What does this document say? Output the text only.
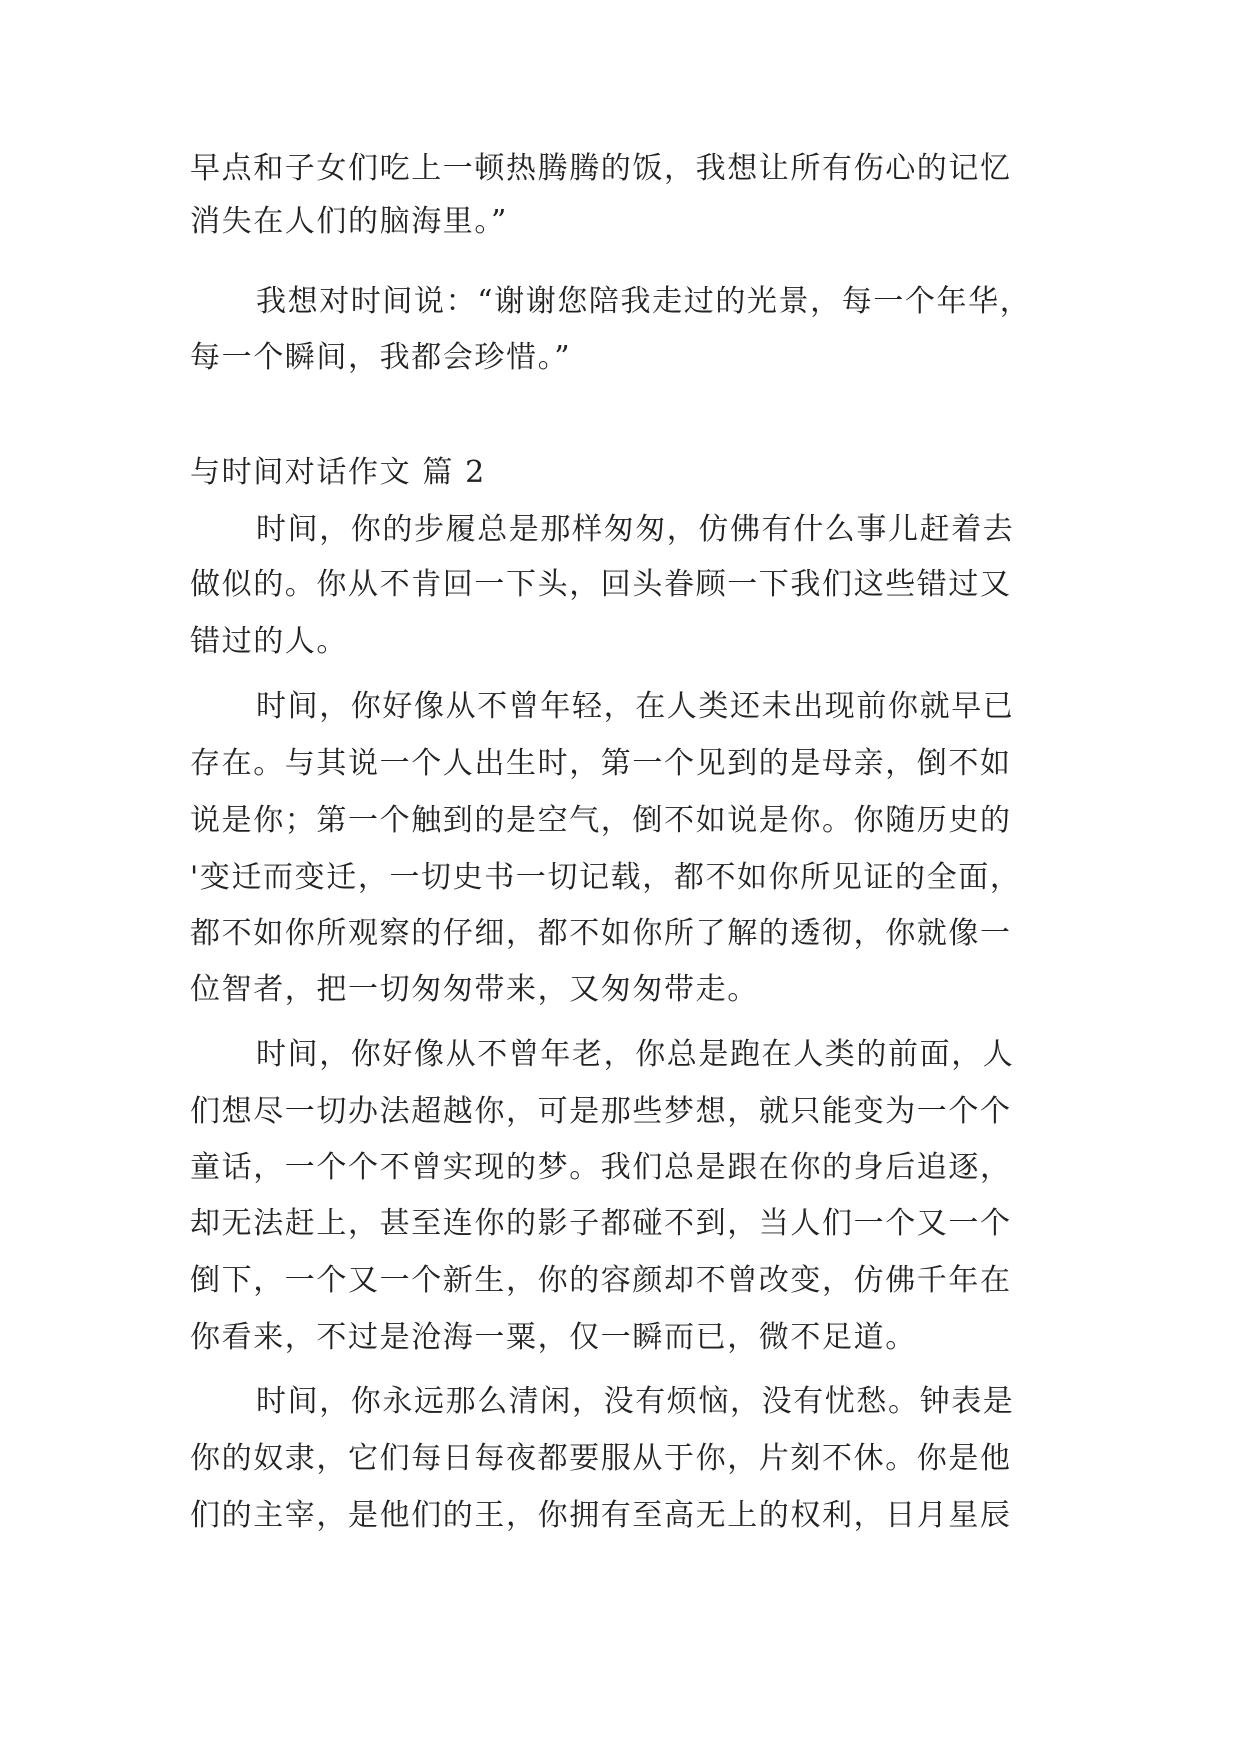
早点和子女们吃上一顿热腾腾的饭，我想让所有伤心的记忆
消失在人们的脑海里。”
我想对时间说：“谢谢您陪我走过的光景，每一个年华，
每一个瞬间，我都会珍惜。”
与时间对话作文 篇 2
时间，你的步履总是那样匆匆，仿佛有什么事儿赶着去
做似的。你从不肯回一下头，回头眷顾一下我们这些错过又
错过的人。
时间，你好像从不曾年轻，在人类还未出现前你就早已
存在。与其说一个人出生时，第一个见到的是母亲，倒不如
说是你；第一个触到的是空气，倒不如说是你。你随历史的
'变迁而变迁，一切史书一切记载，都不如你所见证的全面，
都不如你所观察的仔细，都不如你所了解的透彻，你就像一
位智者，把一切匆匆带来，又匆匆带走。
时间，你好像从不曾年老，你总是跑在人类的前面，人
们想尽一切办法超越你，可是那些梦想，就只能变为一个个
童话，一个个不曾实现的梦。我们总是跟在你的身后追逐，
却无法赶上，甚至连你的影子都碰不到，当人们一个又一个
倒下，一个又一个新生，你的容颜却不曾改变，仿佛千年在
你看来，不过是沧海一粟，仅一瞬而已，微不足道。
时间，你永远那么清闲，没有烦恼，没有忧愁。钟表是
你的奴隶，它们每日每夜都要服从于你，片刻不休。你是他
们的主宰，是他们的王，你拥有至高无上的权利，日月星辰
